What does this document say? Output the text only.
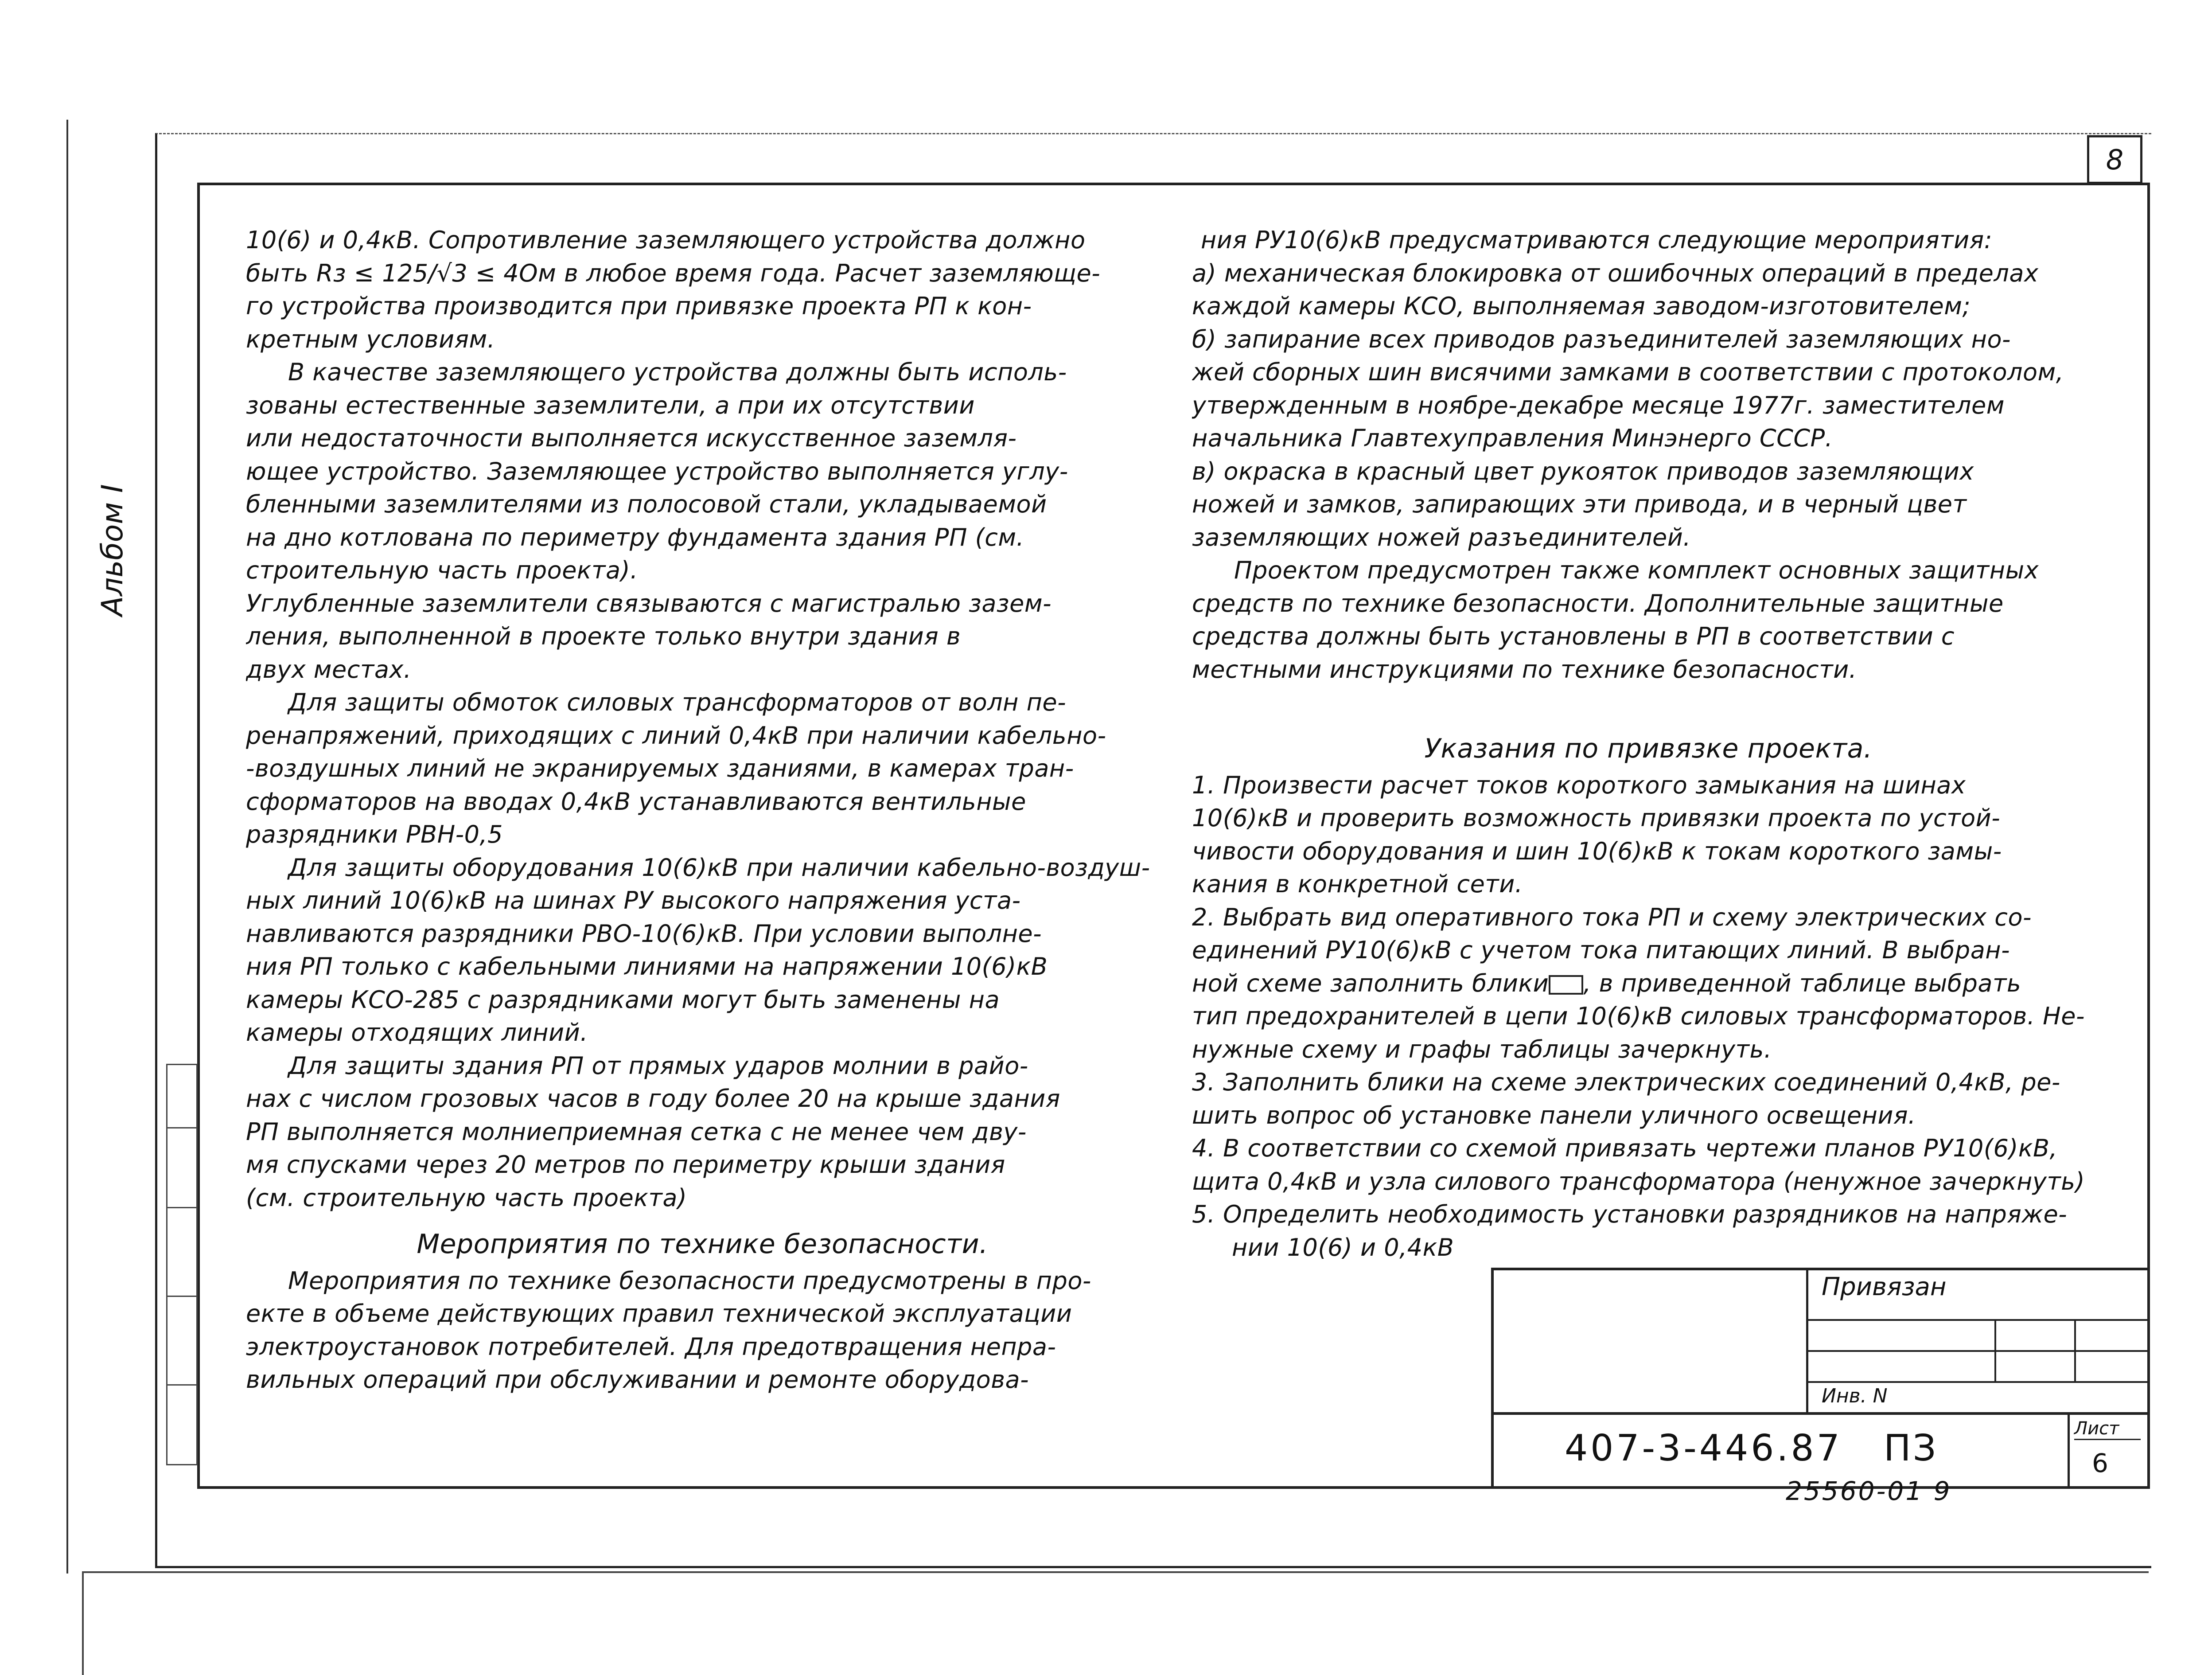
8
Альбом I

10(6) и 0,4кВ. Сопротивление заземляющего устройства должно

быть Rз ≤ 125/√3 ≤ 4Ом в любое время года. Расчет заземляюще-

го устройства производится при привязке проекта РП к кон-

кретным условиям.

В качестве заземляющего устройства должны быть исполь-

зованы естественные заземлители, а при их отсутствии

или недостаточности выполняется искусственное заземля-

ющее устройство. Заземляющее устройство выполняется углу-

бленными заземлителями из полосовой стали, укладываемой

на дно котлована по периметру фундамента здания РП (см.

строительную часть проекта).

Углубленные заземлители связываются с магистралью зазем-

ления, выполненной в проекте только внутри здания в

двух местах.

Для защиты обмоток силовых трансформаторов от волн пе-

ренапряжений, приходящих с линий 0,4кВ при наличии кабельно-

-воздушных линий не экранируемых зданиями, в камерах тран-

сформаторов на вводах 0,4кВ устанавливаются вентильные

разрядники РВН-0,5

Для защиты оборудования 10(6)кВ при наличии кабельно-воздуш-

ных линий 10(6)кВ на шинах РУ высокого напряжения уста-

навливаются разрядники РВО-10(6)кВ. При условии выполне-

ния РП только с кабельными линиями на напряжении 10(6)кВ

камеры КСО-285 с разрядниками могут быть заменены на

камеры отходящих линий.

Для защиты здания РП от прямых ударов молнии в райо-

нах с числом грозовых часов в году более 20 на крыше здания

РП выполняется молниеприемная сетка с не менее чем дву-

мя спусками через 20 метров по периметру крыши здания

(см. строительную часть проекта)

Мероприятия по технике безопасности.

Мероприятия по технике безопасности предусмотрены в про-

екте в объеме действующих правил технической эксплуатации

электроустановок потребителей. Для предотвращения непра-

вильных операций при обслуживании и ремонте оборудова-

ния РУ10(6)кВ предусматриваются следующие мероприятия:

а) механическая блокировка от ошибочных операций в пределах

каждой камеры КСО, выполняемая заводом-изготовителем;

б) запирание всех приводов разъединителей заземляющих но-

жей сборных шин висячими замками в соответствии с протоколом,

утвержденным в ноябре-декабре месяце 1977г. заместителем

начальника Главтехуправления Минэнерго СССР.

в) окраска в красный цвет рукояток приводов заземляющих

ножей и замков, запирающих эти привода, и в черный цвет

заземляющих ножей разъединителей.

Проектом предусмотрен также комплект основных защитных

средств по технике безопасности. Дополнительные защитные

средства должны быть установлены в РП в соответствии с

местными инструкциями по технике безопасности.

Указания по привязке проекта.

1. Произвести расчет токов короткого замыкания на шинах

10(6)кВ и проверить возможность привязки проекта по устой-

чивости оборудования и шин 10(6)кВ к токам короткого замы-

кания в конкретной сети.

2. Выбрать вид оперативного тока РП и схему электрических со-

единений РУ10(6)кВ с учетом тока питающих линий. В выбран-

ной схеме заполнить блики , в приведенной таблице выбрать

тип предохранителей в цепи 10(6)кВ силовых трансформаторов. Не-

нужные схему и графы таблицы зачеркнуть.

3. Заполнить блики на схеме электрических соединений 0,4кВ, ре-

шить вопрос об установке панели уличного освещения.

4. В соответствии со схемой привязать чертежи планов РУ10(6)кВ,

щита 0,4кВ и узла силового трансформатора (ненужное зачеркнуть)

5. Определить необходимость установки разрядников на напряже-

нии 10(6) и 0,4кВ

Привязан
Инв. N
407-3-446.87 ПЗ	Лист
6
25560-01 9
